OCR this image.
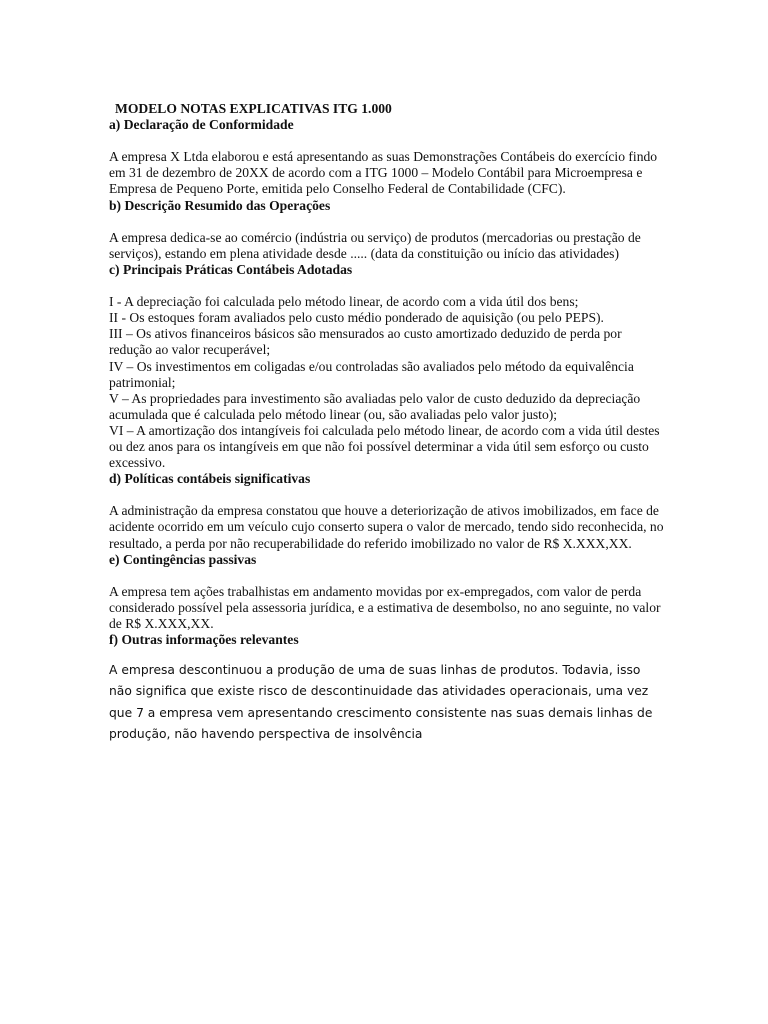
MODELO NOTAS EXPLICATIVAS ITG 1.000

a) Declaração de Conformidade

A empresa X Ltda elaborou e está apresentando as suas Demonstrações Contábeis do exercício findo em 31 de dezembro de 20XX de acordo com a ITG 1000 – Modelo Contábil para Microempresa e Empresa de Pequeno Porte, emitida pelo Conselho Federal de Contabilidade (CFC).

b) Descrição Resumido das Operações

A empresa dedica-se ao comércio (indústria ou serviço) de produtos (mercadorias ou prestação de serviços), estando em plena atividade desde ..... (data da constituição ou início das atividades)

c) Principais Práticas Contábeis Adotadas

I - A depreciação foi calculada pelo método linear, de acordo com a vida útil dos bens;

II - Os estoques foram avaliados pelo custo médio ponderado de aquisição (ou pelo PEPS).

III – Os ativos financeiros básicos são mensurados ao custo amortizado deduzido de perda por redução ao valor recuperável;

IV – Os investimentos em coligadas e/ou controladas são avaliados pelo método da equivalência patrimonial;

V – As propriedades para investimento são avaliadas pelo valor de custo deduzido da depreciação acumulada que é calculada pelo método linear (ou, são avaliadas pelo valor justo);

VI – A amortização dos intangíveis foi calculada pelo método linear, de acordo com a vida útil destes ou dez anos para os intangíveis em que não foi possível determinar a vida útil sem esforço ou custo excessivo.

d) Políticas contábeis significativas

A administração da empresa constatou que houve a deteriorização de ativos imobilizados, em face de acidente ocorrido em um veículo cujo conserto supera o valor de mercado, tendo sido reconhecida, no resultado, a perda por não recuperabilidade do referido imobilizado no valor de R$ X.XXX,XX.

e) Contingências passivas

A empresa tem ações trabalhistas em andamento movidas por ex-empregados, com valor de perda considerado possível pela assessoria jurídica, e a estimativa de desembolso, no ano seguinte, no valor de R$ X.XXX,XX.

f) Outras informações relevantes

A empresa descontinuou a produção de uma de suas linhas de produtos. Todavia, isso não significa que existe risco de descontinuidade das atividades operacionais, uma vez que 7 a empresa vem apresentando crescimento consistente nas suas demais linhas de produção, não havendo perspectiva de insolvência
